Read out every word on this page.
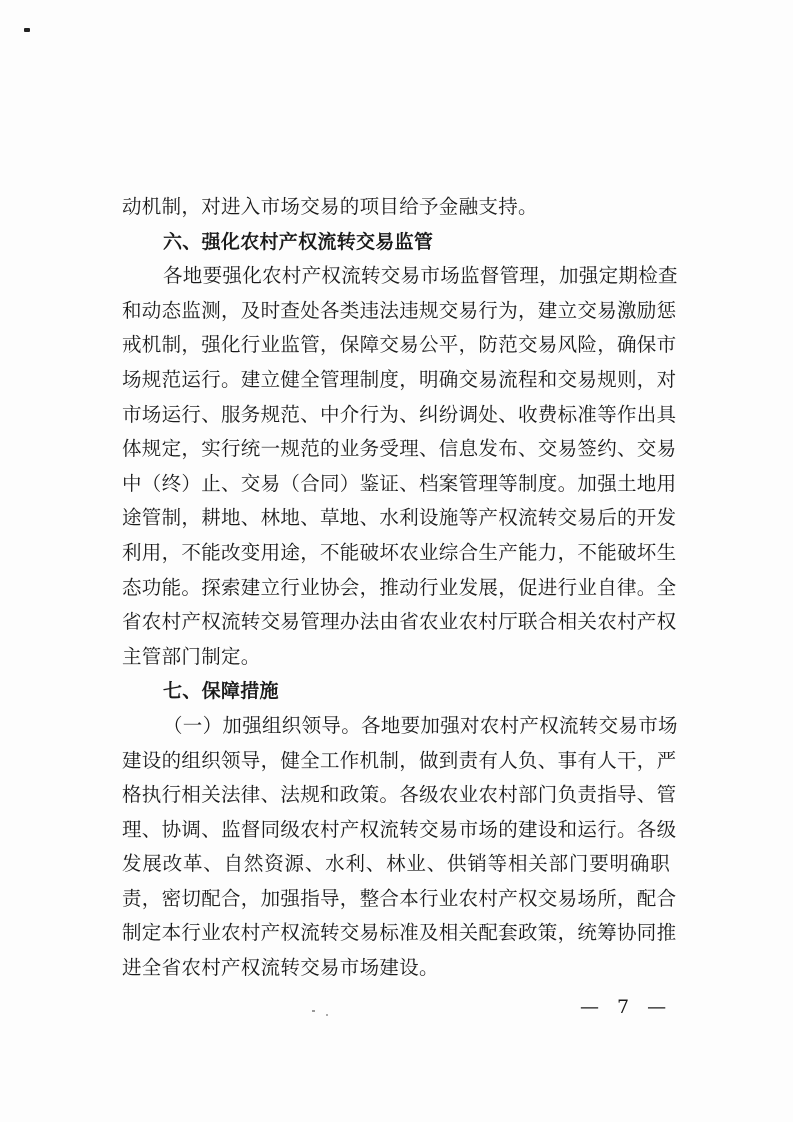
动机制，对进入市场交易的项目给予金融支持。
六、强化农村产权流转交易监管
各地要强化农村产权流转交易市场监督管理，加强定期检查
和动态监测，及时查处各类违法违规交易行为，建立交易激励惩
戒机制，强化行业监管，保障交易公平，防范交易风险，确保市
场规范运行。建立健全管理制度，明确交易流程和交易规则，对
市场运行、服务规范、中介行为、纠纷调处、收费标准等作出具
体规定，实行统一规范的业务受理、信息发布、交易签约、交易
中（终）止、交易（合同）鉴证、档案管理等制度。加强土地用
途管制，耕地、林地、草地、水利设施等产权流转交易后的开发
利用，不能改变用途，不能破坏农业综合生产能力，不能破坏生
态功能。探索建立行业协会，推动行业发展，促进行业自律。全
省农村产权流转交易管理办法由省农业农村厅联合相关农村产权
主管部门制定。
七、保障措施
（一）加强组织领导。各地要加强对农村产权流转交易市场
建设的组织领导，健全工作机制，做到责有人负、事有人干，严
格执行相关法律、法规和政策。各级农业农村部门负责指导、管
理、协调、监督同级农村产权流转交易市场的建设和运行。各级
发展改革、自然资源、水利、林业、供销等相关部门要明确职
责，密切配合，加强指导，整合本行业农村产权交易场所，配合
制定本行业农村产权流转交易标准及相关配套政策，统筹协同推
进全省农村产权流转交易市场建设。
— 7 —
